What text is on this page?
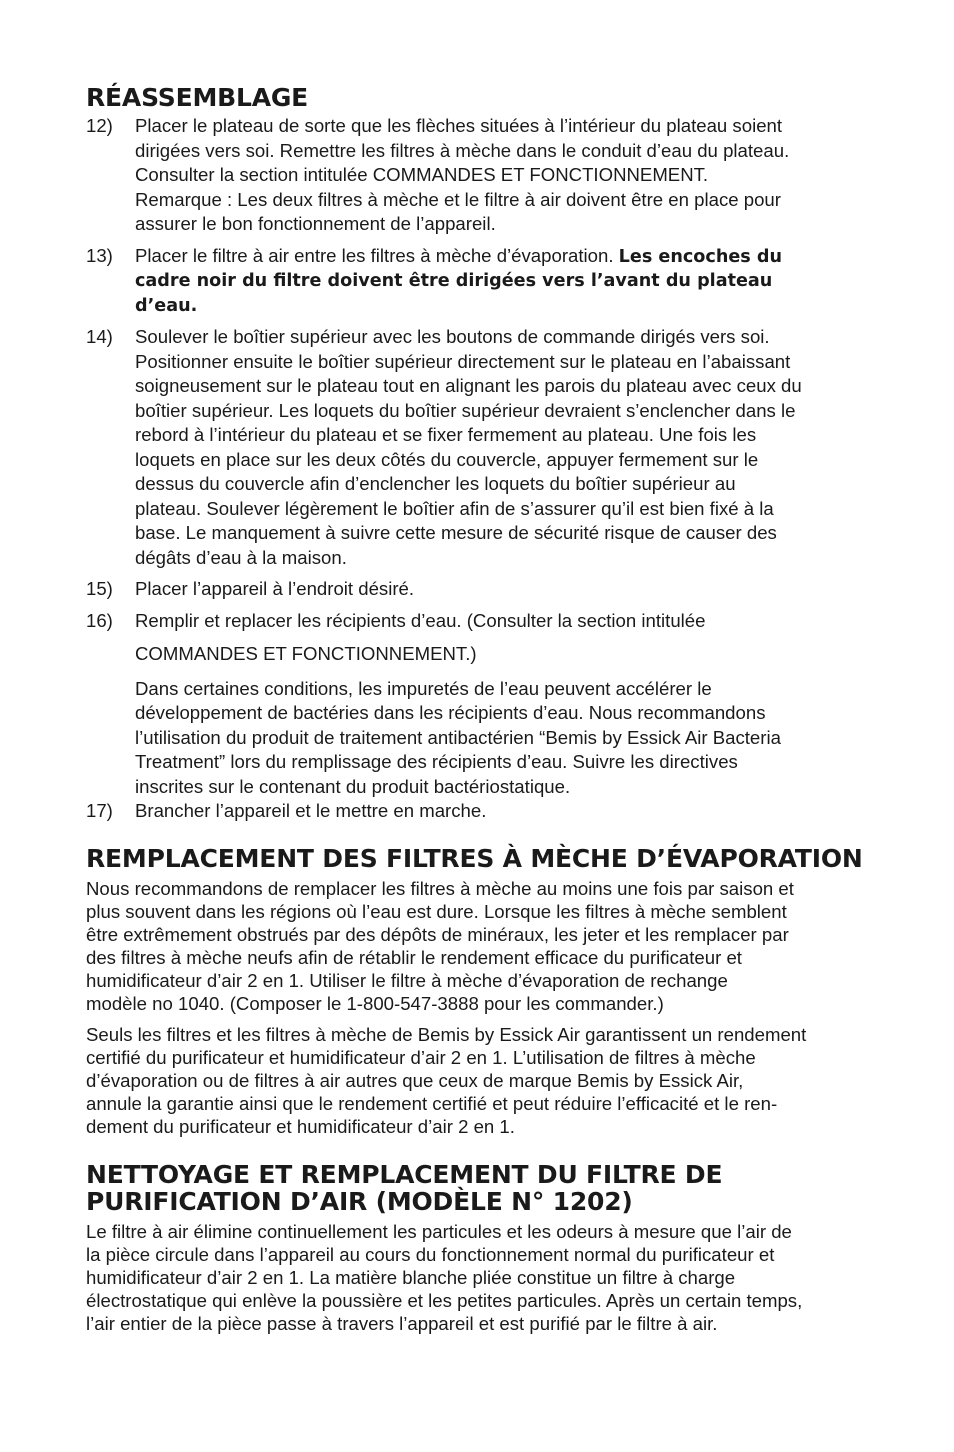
RÉASSEMBLAGE
12) Placer le plateau de sorte que les flèches situées à l’intérieur du plateau soient
dirigées vers soi. Remettre les filtres à mèche dans le conduit d’eau du plateau.
Consulter la section intitulée COMMANDES ET FONCTIONNEMENT.
Remarque : Les deux filtres à mèche et le filtre à air doivent être en place pour
assurer le bon fonctionnement de l’appareil.
13) Placer le filtre à air entre les filtres à mèche d’évaporation. Les encoches du
cadre noir du filtre doivent être dirigées vers l’avant du plateau
d’eau.
14) Soulever le boîtier supérieur avec les boutons de commande dirigés vers soi.
Positionner ensuite le boîtier supérieur directement sur le plateau en l’abaissant
soigneusement sur le plateau tout en alignant les parois du plateau avec ceux du
boîtier supérieur. Les loquets du boîtier supérieur devraient s’enclencher dans le
rebord à l’intérieur du plateau et se fixer fermement au plateau. Une fois les
loquets en place sur les deux côtés du couvercle, appuyer fermement sur le
dessus du couvercle afin d’enclencher les loquets du boîtier supérieur au
plateau. Soulever légèrement le boîtier afin de s’assurer qu’il est bien fixé à la
base. Le manquement à suivre cette mesure de sécurité risque de causer des
dégâts d’eau à la maison.
15) Placer l’appareil à l’endroit désiré.
16) Remplir et replacer les récipients d’eau. (Consulter la section intitulée
COMMANDES ET FONCTIONNEMENT.)
Dans certaines conditions, les impuretés de l’eau peuvent accélérer le
développement de bactéries dans les récipients d’eau. Nous recommandons
l’utilisation du produit de traitement antibactérien “Bemis by Essick Air Bacteria
Treatment” lors du remplissage des récipients d’eau. Suivre les directives
inscrites sur le contenant du produit bactériostatique.
17) Brancher l’appareil et le mettre en marche.
REMPLACEMENT DES FILTRES À MÈCHE D’ÉVAPORATION
Nous recommandons de remplacer les filtres à mèche au moins une fois par saison et
plus souvent dans les régions où l’eau est dure. Lorsque les filtres à mèche semblent
être extrêmement obstrués par des dépôts de minéraux, les jeter et les remplacer par
des filtres à mèche neufs afin de rétablir le rendement efficace du purificateur et
humidificateur d’air 2 en 1. Utiliser le filtre à mèche d’évaporation de rechange
modèle no 1040. (Composer le 1-800-547-3888 pour les commander.)
Seuls les filtres et les filtres à mèche de Bemis by Essick Air garantissent un rendement
certifié du purificateur et humidificateur d’air 2 en 1. L’utilisation de filtres à mèche
d’évaporation ou de filtres à air autres que ceux de marque Bemis by Essick Air,
annule la garantie ainsi que le rendement certifié et peut réduire l’efficacité et le ren-
dement du purificateur et humidificateur d’air 2 en 1.
NETTOYAGE ET REMPLACEMENT DU FILTRE DE
PURIFICATION D’AIR (MODÈLE N° 1202)
Le filtre à air élimine continuellement les particules et les odeurs à mesure que l’air de
la pièce circule dans l’appareil au cours du fonctionnement normal du purificateur et
humidificateur d’air 2 en 1. La matière blanche pliée constitue un filtre à charge
électrostatique qui enlève la poussière et les petites particules. Après un certain temps,
l’air entier de la pièce passe à travers l’appareil et est purifié par le filtre à air.
